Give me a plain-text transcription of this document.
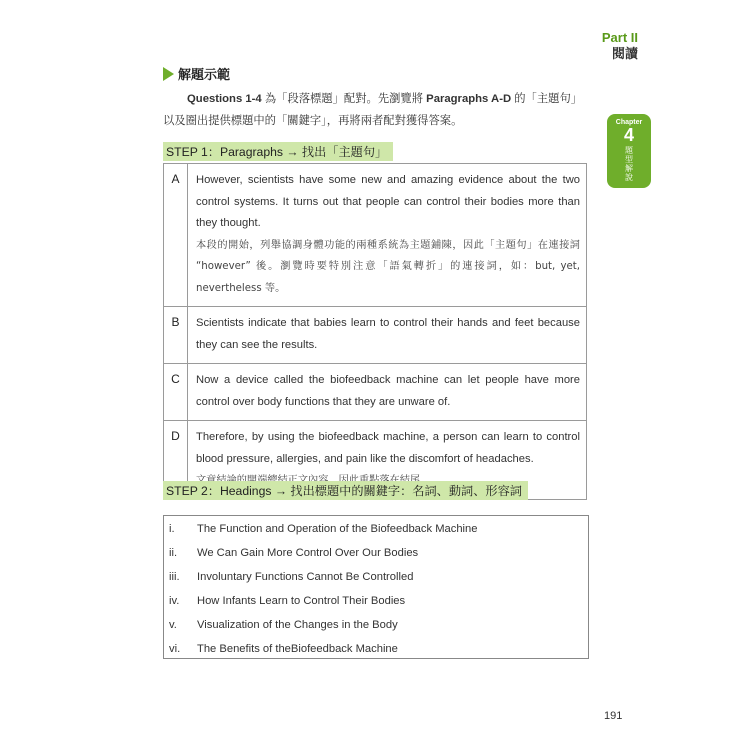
Part II
閱讀
Chapter
4
題型解說
解題示範
Questions 1-4 為「段落標題」配對。先瀏覽將 Paragraphs A-D 的「主題句」
以及圈出提供標題中的「關鍵字」，再將兩者配對獲得答案。
STEP 1：Paragraphs → 找出「主題句」
A	However, scientists have some new and amazing evidence about the two control systems. It turns out that people can control their bodies more than they thought.
本段的開始，列舉協調身體功能的兩種系統為主題鋪陳，因此「主題句」在連接詞 “however” 後。瀏覽時要特別注意「語氣轉折」的連接詞，如：but, yet, nevertheless 等。

B	Scientists indicate that babies learn to control their hands and feet because they can see the results.

C	Now a device called the biofeedback machine can let people have more control over body functions that they are unware of.

D	Therefore, by using the biofeedback machine, a person can learn to control blood pressure, allergies, and pain like the discomfort of headaches.
STEP 2：Headings → 找出標題中的關鍵字：名詞、動詞、形容詞
i.	The Function and Operation of the Biofeedback Machine
ii.	We Can Gain More Control Over Our Bodies
iii.	Involuntary Functions Cannot Be Controlled
iv.	How Infants Learn to Control Their Bodies
v.	Visualization of the Changes in the Body
vi.	The Benefits of theBiofeedback Machine
191
